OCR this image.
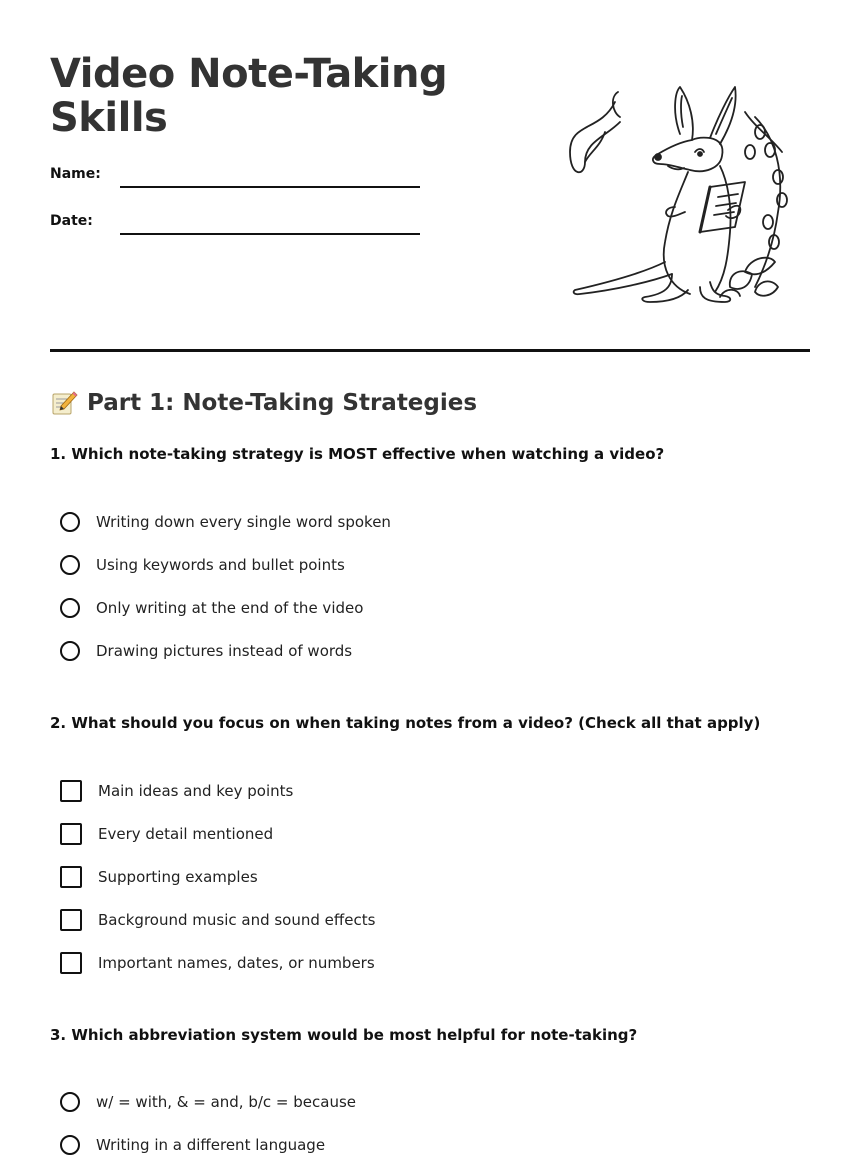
Video Note-Taking Skills
Name:
Date:
Part 1: Note-Taking Strategies

1. Which note-taking strategy is MOST effective when watching a video?

Writing down every single word spoken
Using keywords and bullet points
Only writing at the end of the video
Drawing pictures instead of words

2. What should you focus on when taking notes from a video? (Check all that apply)

Main ideas and key points
Every detail mentioned
Supporting examples
Background music and sound effects
Important names, dates, or numbers

3. Which abbreviation system would be most helpful for note-taking?

w/ = with, & = and, b/c = because
Writing in a different language
